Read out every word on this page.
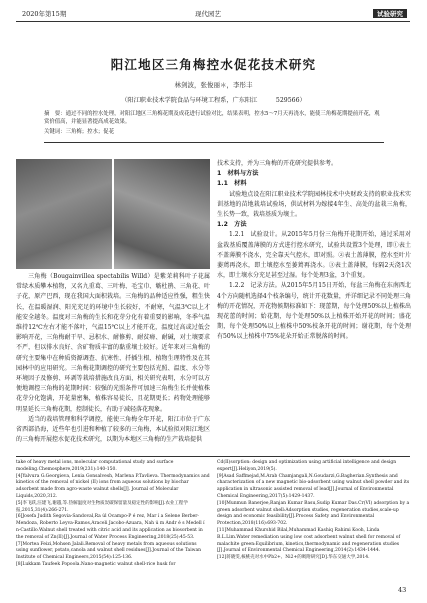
2020年第15期	现代园艺	试验研究
阳江地区三角梅控水促花技术研究
林剑波，张俊丽＊，李彤丰
（阳江职业技术学院食品与环境工程系，广东阳江　　　529566）
摘　要：通过不同的控水处理，对阳江地区三角梅花期及成花进行试验对比，结果表明，控水5～7月天再浇水，能使三角梅花期提前开花，观赏价值高，并能显著提高成花效果。
关键词：三角梅；控水；促花

三角梅（Bougainvillea spectabilis Willd）是紫茉莉科叶子花属常绿木质攀本植物，又名九重葛、三叶梅、毛宝巾、簕杜鹃、三角花、叶子花，原产巴西，现在我国大面积栽培。三角梅的品种适应性强，粗生快长，在温暖湿润、阳光充足的环境中生长较好，不耐寒，气温3℃以上才能安全越冬。温度对三角梅的生长和花芽分化有着重要的影响，冬季气温维持12℃左右才能不落叶，气温15℃以上才能开花，温度过高或过低会影响开花，三角梅耐干旱、忌积水、耐修剪、耐贫瘠、耐碱，对土壤要求不严，但以排水良好、含矿物质丰富的黏重壤土较好。近年来对三角梅的研究主要集中在种质资源调查、抗寒性、扦插生根、植物生理特性及在其园林中的应用研究。三角梅花期调控的研究主要包括光照、温度、水分等环境因子及修剪、环剥等栽培措施改良方面，相关研究表明，水分可以方便地调控三角梅的花期时间：较强的光照条件可加速三角梅生长并使植株花芽分化饱满，开花量密集，植株容易徒长，且花期更长；药物处理能够明显延长三角梅花期，控制徒长，有助于减轻落花现象。

适当的栽培管理和科学调控，能使三角梅全年开花，阳江市位于广东省西部沿海，近些年也引进和种植了较多的三角梅，本试验拟对阳江地区的三角梅开展控水促花技术研究，以期为本地区三角梅的生产栽培提供

技术支持，并为三角梅的开花研究提供参考。

1　材料与方法

1.1　材料

试验地点设在阳江职业技术学院园林技术中央财政支持的职业技术实训基地的苗地栽培试验场，供试材料为嫁接4年生、高处的盆栽三角梅，生长势一致，栽培基质为壤土。

1.2　方法

1.2.1　试验设计。从2015年5月份三角梅开花期开始，通过采用对盆栽基质覆盖薄膜的方式进行控水研究，试验共设置3个处理，即①表土不盖薄膜不浇水，完全靠天气控水，即对照。②表土盖薄膜，控水至叶片萎蔫再浇水，即土壤控水至萎蔫再浇水。③表土盖薄膜，每隔2天浇1次水，即土壤水分充足甚至过湿。每个处理3盆，3个重复。

1.2.2　记录方法。从2015年5月15日开始，每盆三角梅在东南西北4个方向随机选择4个枝条编号，统计开花数量，并详细记录不同处理三角梅的开花情况，开花物候期标准如下：现蕾期，每个处理50%以上植株出现花蕾的时间；始花期，每个处理50%以上植株开始开花的时间；盛花期，每个处理50%以上植株中50%枝条开花的时间；谢花期，每个处理有50%以上植株中75%花朵开始正常脱落的时间。

take of heavy metal ions, molecular computational study and surface modeling.Chemosphere,2019(231):140-150.

[4]Yalvura G.Georgieva, Lenia Gonsalvesh, Marlena P.Tavlieva. Thermodynamics and kinetics of the removal of nickel (II) ions from aqueous solutions by biochar adsorbent made from agro-waste walnut shells[J]. Journal of Molecular Liquids,2020,312.

[5]李飞跃,汪建飞,谢越,等.热解温度对生物质炭碳保留量及稳定性的影响[J].农业工程学报,2015,31(4):266-271.

[6]Josefa Judith Segovia-Sandoval,Ra úl Ocampo-P é rez, Mar í a Selene Berber-Mendoza, Roberto Leyva-Ramos,Araceli Jacobo-Azuara, Nah ú m Andr é s Medell í n-Castillo.Walnut shell treated with citric acid and its application as biosorbent in the removal of Zn(II)[J].Journal of Water Process Engineering,2018(25):45-53.

[7]Mortea Feizi,Mohsen Jalali.Removal of heavy metals from aqueous solutions using sunflower, potato,canola and walnut shell residues[J].Journal of the Taiwan Institute of Chemical Engineers,2015(54):125-136.

[8]Lukkam Taufeek Popoola.Nano-magnetic walnut shell-rice husk for

Cd(II)sorption: design and optimization using artificial intelligence and design expert[J].Heliyon,2019(5).

[9]Asad Saffmejad,M.Arab Chamjangali,N.Goudarzi,G.Bagherian.Synthesis and characterization of a new magnetic bio-adsorbent using walnut shell powder and its application in ultrasonic assisted removal of lead[J].Journal of Environmental Chemical Engineering,2017(5):1429-1437.

[10]Munmun Banerjee,Ranjan Kumar Basu,Sudip Kumar Das.Cr(VI) adsorption by a green adsorbent walnut shell:Adsorption studies, regeneration studies,scale-up design and economic feasibility[J].Process Safety and Environmental Protection,2018(116):693-702.

[11]Muhammad Khurshid Bilal,Muhammad Kashiq Rahimi Kooh, Linda B.L.Lim.Water remediation using low cost adsorbent walnut shell for removal of malachite green:Equilibrium, kinetics,thermodynamic and regeneration studies [J].Journal of Environmental Chemical Engineering,2014(2):1434-1444.

[12]蒋晓雯,核桃壳对水中Pb2+、Ni2+的吸附研究[D].华东交通大学,2014.

43
